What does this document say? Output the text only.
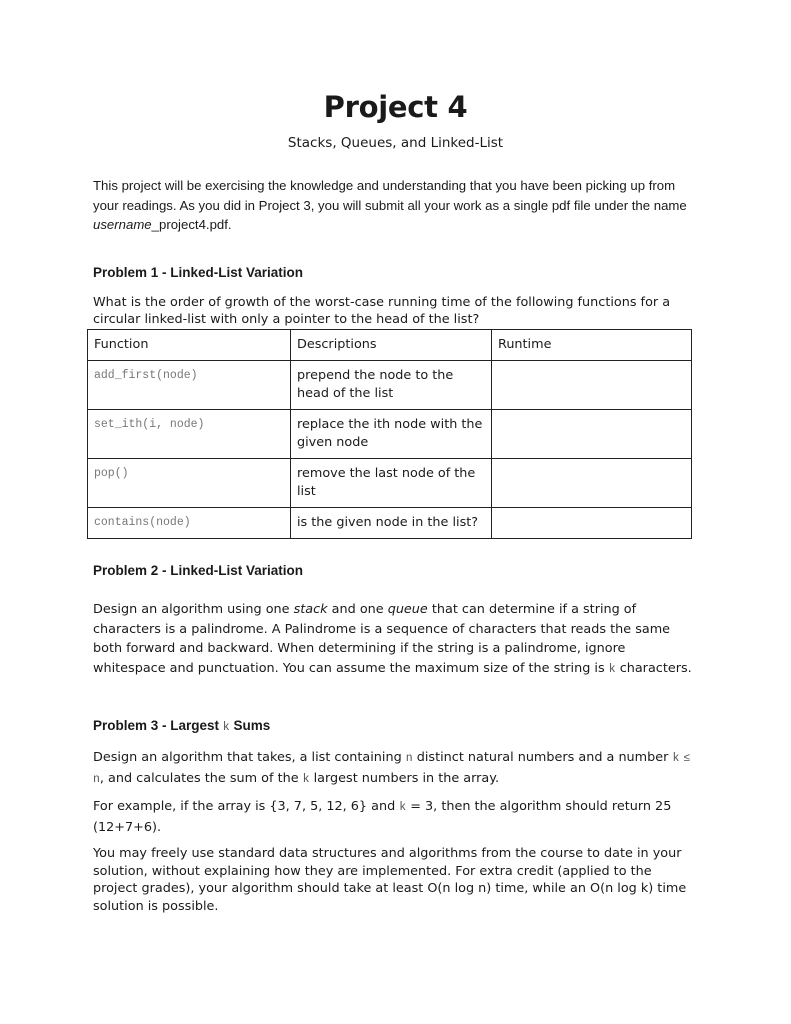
Project 4
Stacks, Queues, and Linked-List

This project will be exercising the knowledge and understanding that you have been picking up from your readings. As you did in Project 3, you will submit all your work as a single pdf file under the name username_project4.pdf.

Problem 1 - Linked-List Variation

What is the order of growth of the worst-case running time of the following functions for a circular linked-list with only a pointer to the head of the list?

Function	Descriptions	Runtime
add_first(node)	prepend the node to the head of the list	
set_ith(i, node)	replace the ith node with the given node	
pop()	remove the last node of the list	
contains(node)	is the given node in the list?	
Problem 2 - Linked-List Variation

Design an algorithm using one stack and one queue that can determine if a string of characters is a palindrome. A Palindrome is a sequence of characters that reads the same both forward and backward. When determining if the string is a palindrome, ignore whitespace and punctuation. You can assume the maximum size of the string is k characters.

Problem 3 - Largest k Sums

Design an algorithm that takes, a list containing n distinct natural numbers and a number k ≤ n, and calculates the sum of the k largest numbers in the array.

For example, if the array is {3, 7, 5, 12, 6} and k = 3, then the algorithm should return 25 (12+7+6).

You may freely use standard data structures and algorithms from the course to date in your solution, without explaining how they are implemented. For extra credit (applied to the project grades), your algorithm should take at least O(n log n) time, while an O(n log k) time solution is possible.
